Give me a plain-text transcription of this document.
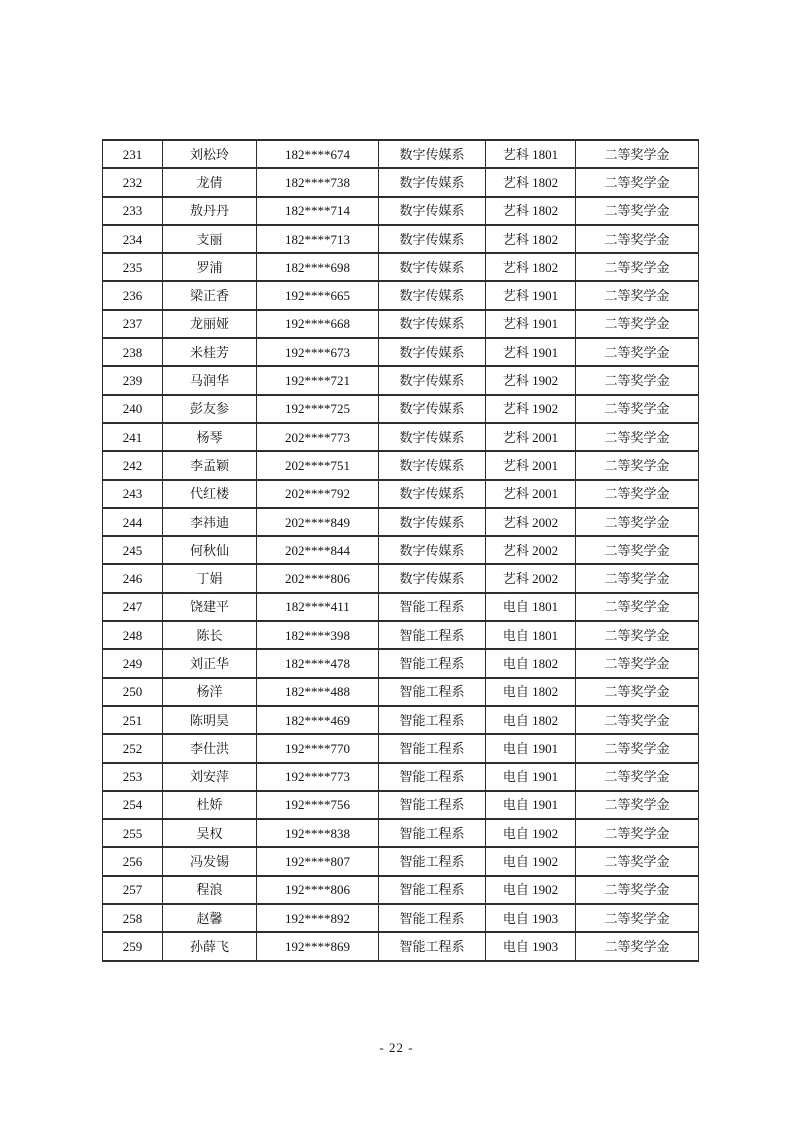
231	刘松玲	182****674	数字传媒系	艺科 1801	二等奖学金
232	龙倩	182****738	数字传媒系	艺科 1802	二等奖学金
233	敖丹丹	182****714	数字传媒系	艺科 1802	二等奖学金
234	支丽	182****713	数字传媒系	艺科 1802	二等奖学金
235	罗浦	182****698	数字传媒系	艺科 1802	二等奖学金
236	梁正香	192****665	数字传媒系	艺科 1901	二等奖学金
237	龙丽娅	192****668	数字传媒系	艺科 1901	二等奖学金
238	米桂芳	192****673	数字传媒系	艺科 1901	二等奖学金
239	马润华	192****721	数字传媒系	艺科 1902	二等奖学金
240	彭友参	192****725	数字传媒系	艺科 1902	二等奖学金
241	杨琴	202****773	数字传媒系	艺科 2001	二等奖学金
242	李孟颖	202****751	数字传媒系	艺科 2001	二等奖学金
243	代红楼	202****792	数字传媒系	艺科 2001	二等奖学金
244	李祎迪	202****849	数字传媒系	艺科 2002	二等奖学金
245	何秋仙	202****844	数字传媒系	艺科 2002	二等奖学金
246	丁娟	202****806	数字传媒系	艺科 2002	二等奖学金
247	饶建平	182****411	智能工程系	电自 1801	二等奖学金
248	陈长	182****398	智能工程系	电自 1801	二等奖学金
249	刘正华	182****478	智能工程系	电自 1802	二等奖学金
250	杨洋	182****488	智能工程系	电自 1802	二等奖学金
251	陈明昊	182****469	智能工程系	电自 1802	二等奖学金
252	李仕洪	192****770	智能工程系	电自 1901	二等奖学金
253	刘安萍	192****773	智能工程系	电自 1901	二等奖学金
254	杜娇	192****756	智能工程系	电自 1901	二等奖学金
255	吴权	192****838	智能工程系	电自 1902	二等奖学金
256	冯发锡	192****807	智能工程系	电自 1902	二等奖学金
257	程浪	192****806	智能工程系	电自 1902	二等奖学金
258	赵馨	192****892	智能工程系	电自 1903	二等奖学金
259	孙薛飞	192****869	智能工程系	电自 1903	二等奖学金
- 22 -
